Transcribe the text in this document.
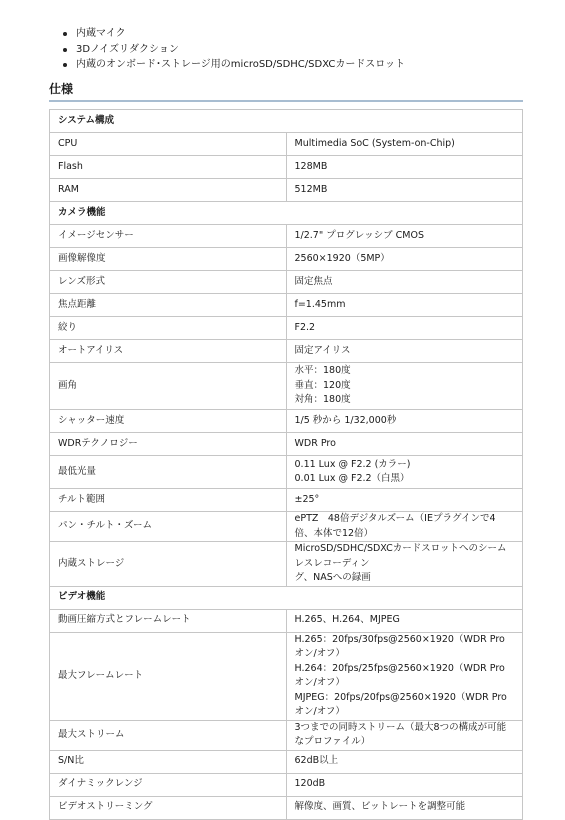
内蔵マイク
3Dノイズリダクション
内蔵のオンボード･ストレージ用のmicroSD/SDHC/SDXCカードスロット
仕様
システム構成	
CPU	Multimedia SoC (System-on-Chip)

Flash	128MB

RAM	512MB

カメラ機能	
イメージセンサー	1/2.7" プログレッシブ CMOS

画像解像度	2560×1920（5MP）

レンズ形式	固定焦点

焦点距離	f=1.45mm

絞り	F2.2

オートアイリス	固定アイリス

画角	水平：180度
垂直：120度
対角：180度

シャッター速度	1/5 秒から 1/32,000秒

WDRテクノロジー	WDR Pro

最低光量	0.11 Lux @ F2.2 (カラー)
0.01 Lux @ F2.2（白黒）

チルト範囲	±25°

パン・チルト・ズーム	ePTZ　48倍デジタルズーム（IEプラグインで4倍、本体で12倍）

内蔵ストレージ	MicroSD/SDHC/SDXCカードスロットへのシームレスレコーディン
グ、NASへの録画

ビデオ機能	
動画圧縮方式とフレームレート	H.265、H.264、MJPEG

最大フレームレート	H.265：20fps/30fps@2560×1920（WDR Proオン/オフ）
H.264：20fps/25fps@2560×1920（WDR Proオン/オフ）
MJPEG：20fps/20fps@2560×1920（WDR Proオン/オフ）

最大ストリーム	3つまでの同時ストリーム（最大8つの構成が可能なプロファイル）

S/N比	62dB以上

ダイナミックレンジ	120dB

ビデオストリーミング	解像度、画質、ビットレートを調整可能
